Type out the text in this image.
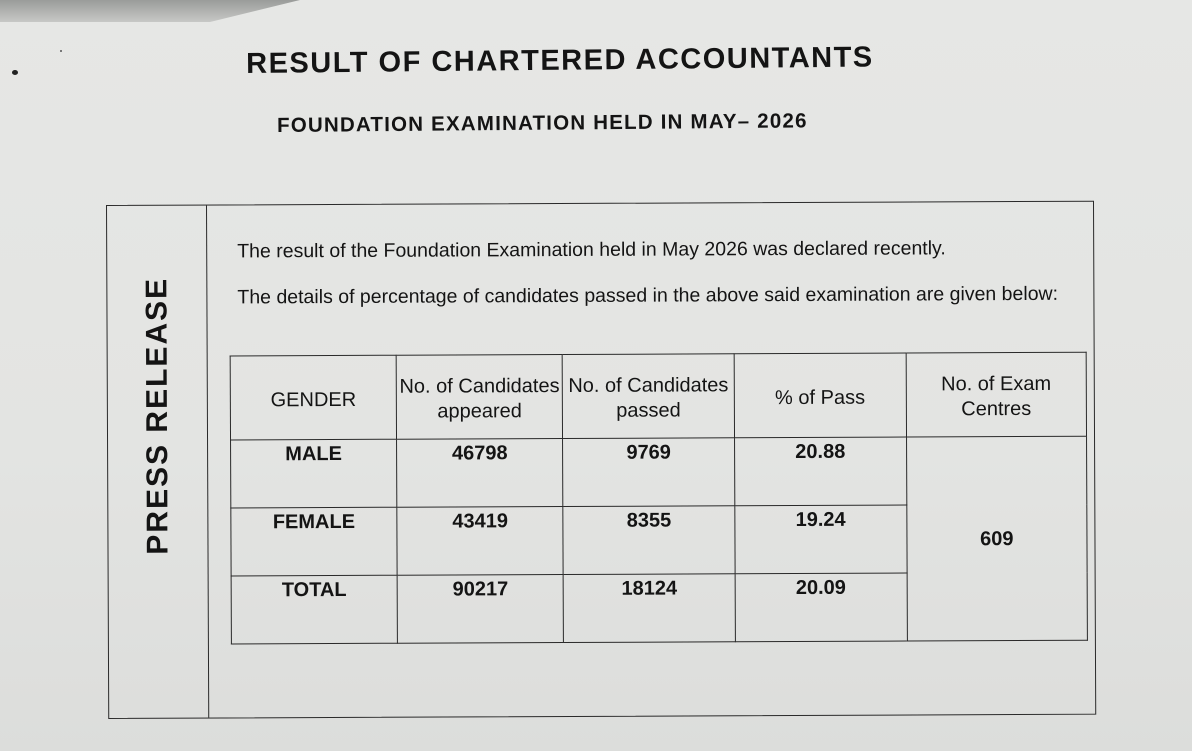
RESULT OF CHARTERED ACCOUNTANTS
FOUNDATION EXAMINATION HELD IN MAY– 2026
PRESS RELEASE
The result of the Foundation Examination held in May 2026 was declared recently.
The details of percentage of candidates passed in the above said examination are given below:
GENDER	No. of Candidates appeared	No. of Candidates passed	% of Pass	No. of Exam Centres
MALE	46798	9769	20.88	609
FEMALE	43419	8355	19.24	
TOTAL	90217	18124	20.09	
